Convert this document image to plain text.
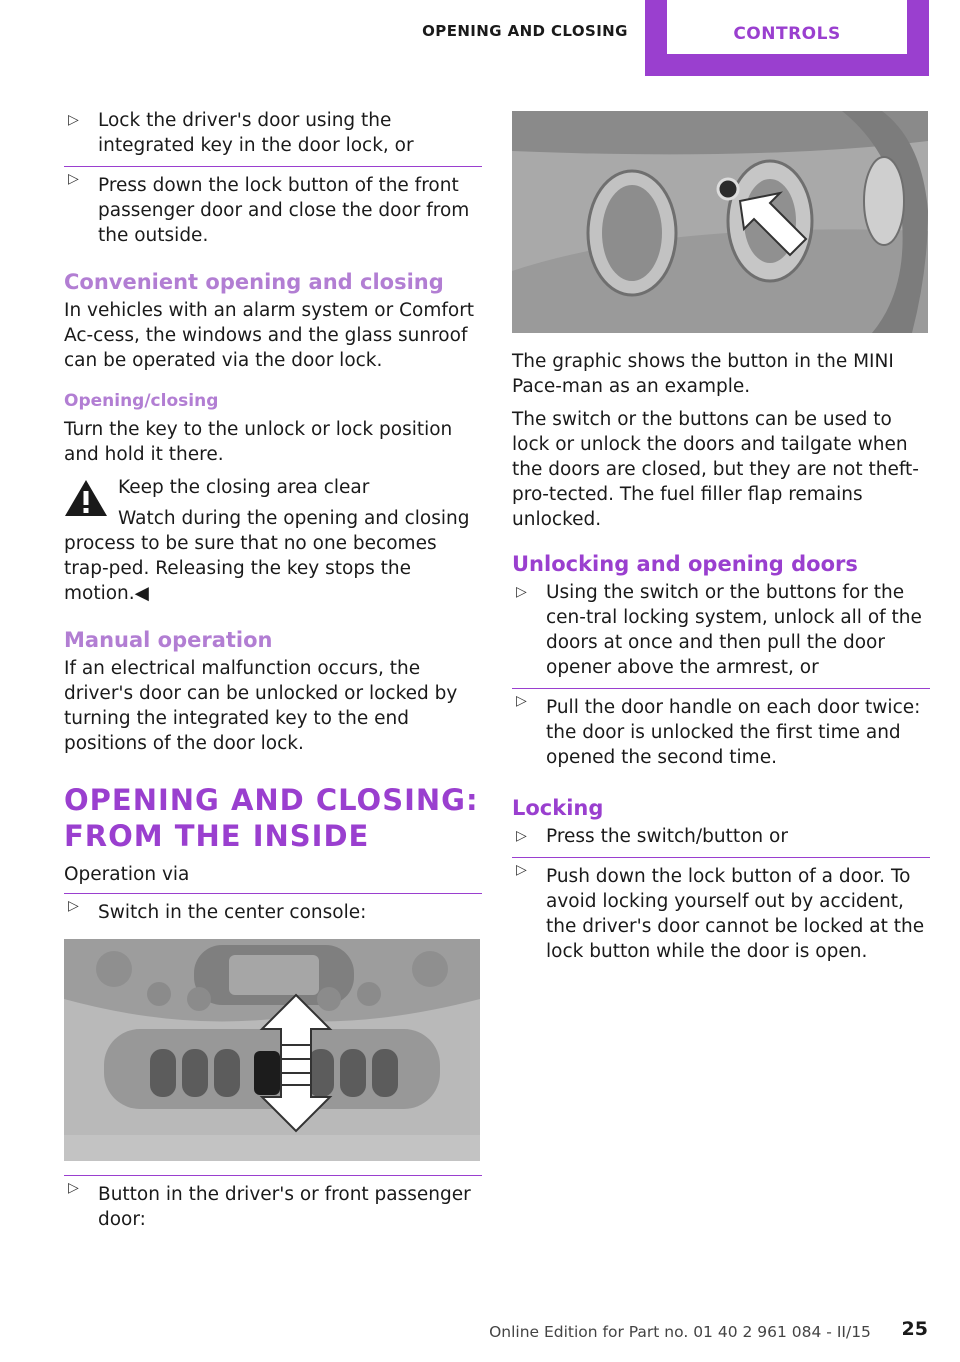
OPENING AND CLOSING	CONTROLS
▷ Lock the driver's door using the integrated key in the door lock, or
▷ Press down the lock button of the front passenger door and close the door from the outside.
Convenient opening and closing

In vehicles with an alarm system or Comfort Ac‐cess, the windows and the glass sunroof can be operated via the door lock.

Opening/closing

Turn the key to the unlock or lock position and hold it there.

Keep the closing area clear
Watch during the opening and closing
process to be sure that no one becomes trap‐ped. Releasing the key stops the motion.◀
Manual operation

If an electrical malfunction occurs, the driver's door can be unlocked or locked by turning the integrated key to the end positions of the door lock.

OPENING AND CLOSING:
FROM THE INSIDE

Operation via

▷ Switch in the center console:
▷ Button in the driver's or front passenger door:

The graphic shows the button in the MINI Pace‐man as an example.

The switch or the buttons can be used to lock or unlock the doors and tailgate when the doors are closed, but they are not theft-pro‐tected. The fuel filler flap remains unlocked.

Unlocking and opening doors
▷ Using the switch or the buttons for the cen‐tral locking system, unlock all of the doors at once and then pull the door opener above the armrest, or
▷ Pull the door handle on each door twice: the door is unlocked the first time and opened the second time.
Locking
▷ Press the switch/button or
▷ Push down the lock button of a door. To avoid locking yourself out by accident, the driver's door cannot be locked at the lock button while the door is open.
Online Edition for Part no. 01 40 2 961 084 - II/15	25
